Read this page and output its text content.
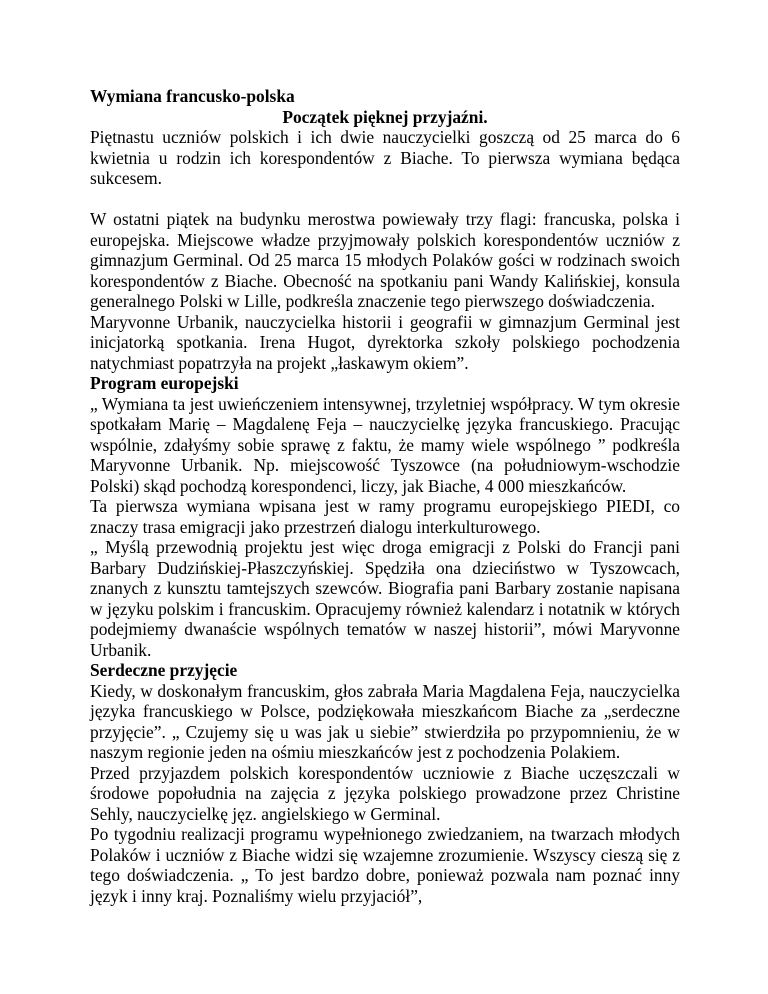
Wymiana francusko-polska
Początek pięknej przyjaźni.

Piętnastu uczniów polskich i ich dwie nauczycielki goszczą od 25 marca do 6 kwietnia u rodzin ich korespondentów z Biache. To pierwsza wymiana będąca sukcesem.

W ostatni piątek na budynku merostwa powiewały trzy flagi: francuska, polska i europejska. Miejscowe władze przyjmowały polskich korespondentów uczniów z gimnazjum Germinal. Od 25 marca 15 młodych Polaków gości w rodzinach swoich korespondentów z Biache. Obecność na spotkaniu pani Wandy Kalińskiej, konsula generalnego Polski w Lille, podkreśla znaczenie tego pierwszego doświadczenia.

Maryvonne Urbanik, nauczycielka historii i geografii w gimnazjum Germinal jest inicjatorką spotkania. Irena Hugot, dyrektorka szkoły polskiego pochodzenia natychmiast popatrzyła na projekt „łaskawym okiem”.

Program europejski

„ Wymiana ta jest uwieńczeniem intensywnej, trzyletniej współpracy. W tym okresie spotkałam Marię – Magdalenę Feja – nauczycielkę języka francuskiego. Pracując wspólnie, zdałyśmy sobie sprawę z faktu, że mamy wiele wspólnego ” podkreśla Maryvonne Urbanik. Np. miejscowość Tyszowce (na południowym-wschodzie Polski) skąd pochodzą korespondenci, liczy, jak Biache, 4 000 mieszkańców.

Ta pierwsza wymiana wpisana jest w ramy programu europejskiego PIEDI, co znaczy trasa emigracji jako przestrzeń dialogu interkulturowego.

„ Myślą przewodnią projektu jest więc droga emigracji z Polski do Francji pani Barbary Dudzińskiej-Płaszczyńskiej. Spędziła ona dzieciństwo w Tyszowcach, znanych z kunsztu tamtejszych szewców. Biografia pani Barbary zostanie napisana w języku polskim i francuskim. Opracujemy również kalendarz i notatnik w których podejmiemy dwanaście wspólnych tematów w naszej historii”, mówi Maryvonne Urbanik.

Serdeczne przyjęcie

Kiedy, w doskonałym francuskim, głos zabrała Maria Magdalena Feja, nauczycielka języka francuskiego w Polsce, podziękowała mieszkańcom Biache za „serdeczne przyjęcie”. „ Czujemy się u was jak u siebie” stwierdziła po przypomnieniu, że w naszym regionie jeden na ośmiu mieszkańców jest z pochodzenia Polakiem.

Przed przyjazdem polskich korespondentów uczniowie z Biache uczęszczali w środowe popołudnia na zajęcia z języka polskiego prowadzone przez Christine Sehly, nauczycielkę jęz. angielskiego w Germinal.

Po tygodniu realizacji programu wypełnionego zwiedzaniem, na twarzach młodych Polaków i uczniów z Biache widzi się wzajemne zrozumienie. Wszyscy cieszą się z tego doświadczenia. „ To jest bardzo dobre, ponieważ pozwala nam poznać inny język i inny kraj. Poznaliśmy wielu przyjaciół”,
